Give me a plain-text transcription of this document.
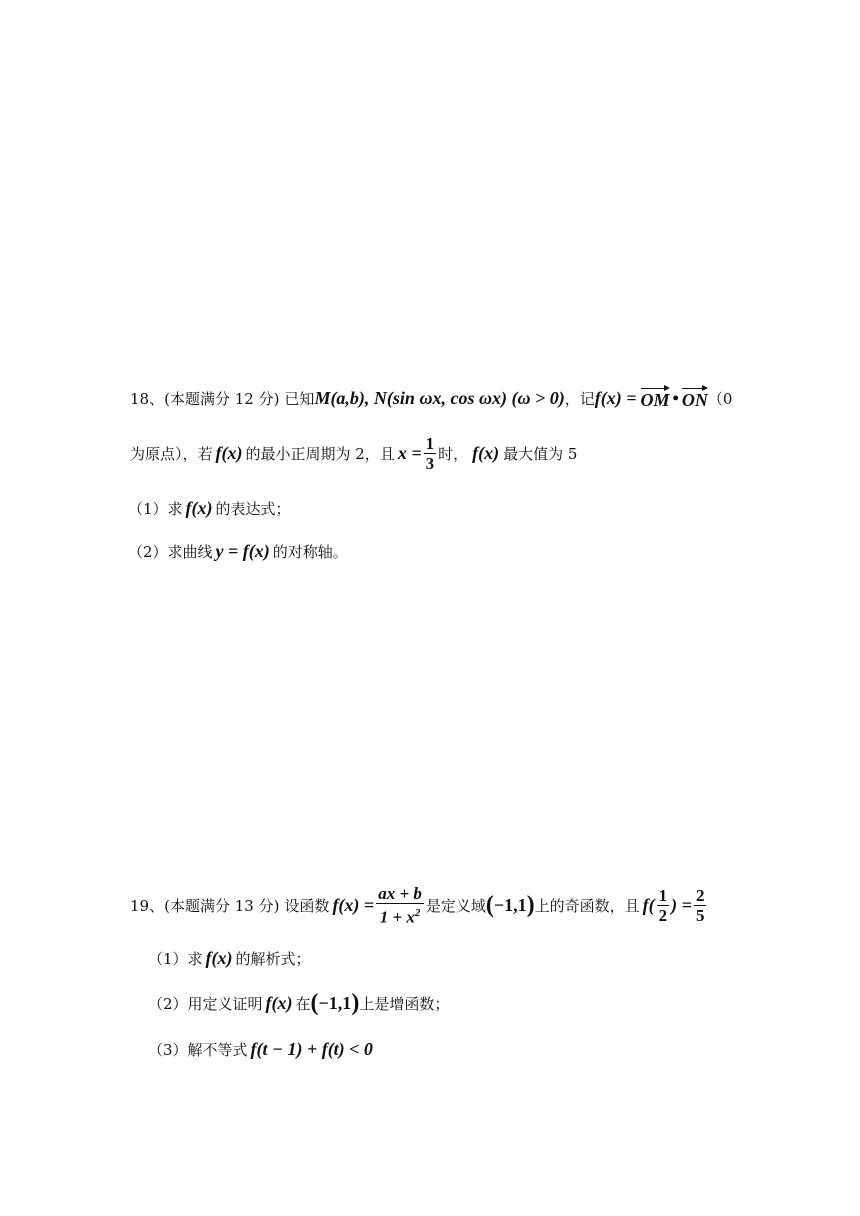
18、(本题满分 12 分) 已知 M(a,b), N(sin ωx, cos ωx) (ω > 0) ，记 f(x) = OM • ON （0
为原点），若 f(x) 的最小正周期为 2，且 $x = \frac{1}{3}$ 时， f(x) 最大值为 5
（1）求 f(x) 的表达式；
（2）求曲线 y = f(x) 的对称轴。
19、(本题满分 13 分) 设函数 $f(x) = \frac{ax + b}{1 + x^2}$ 是定义域 ( −1,1 ) 上的奇函数，且 $f( \frac{1}{2}$ ) = $\frac{2}{5}$
（1）求 f(x) 的解析式；
（2）用定义证明 f(x) 在 ( −1,1 ) 上是增函数；
（3）解不等式 f(t − 1) + f(t) < 0
